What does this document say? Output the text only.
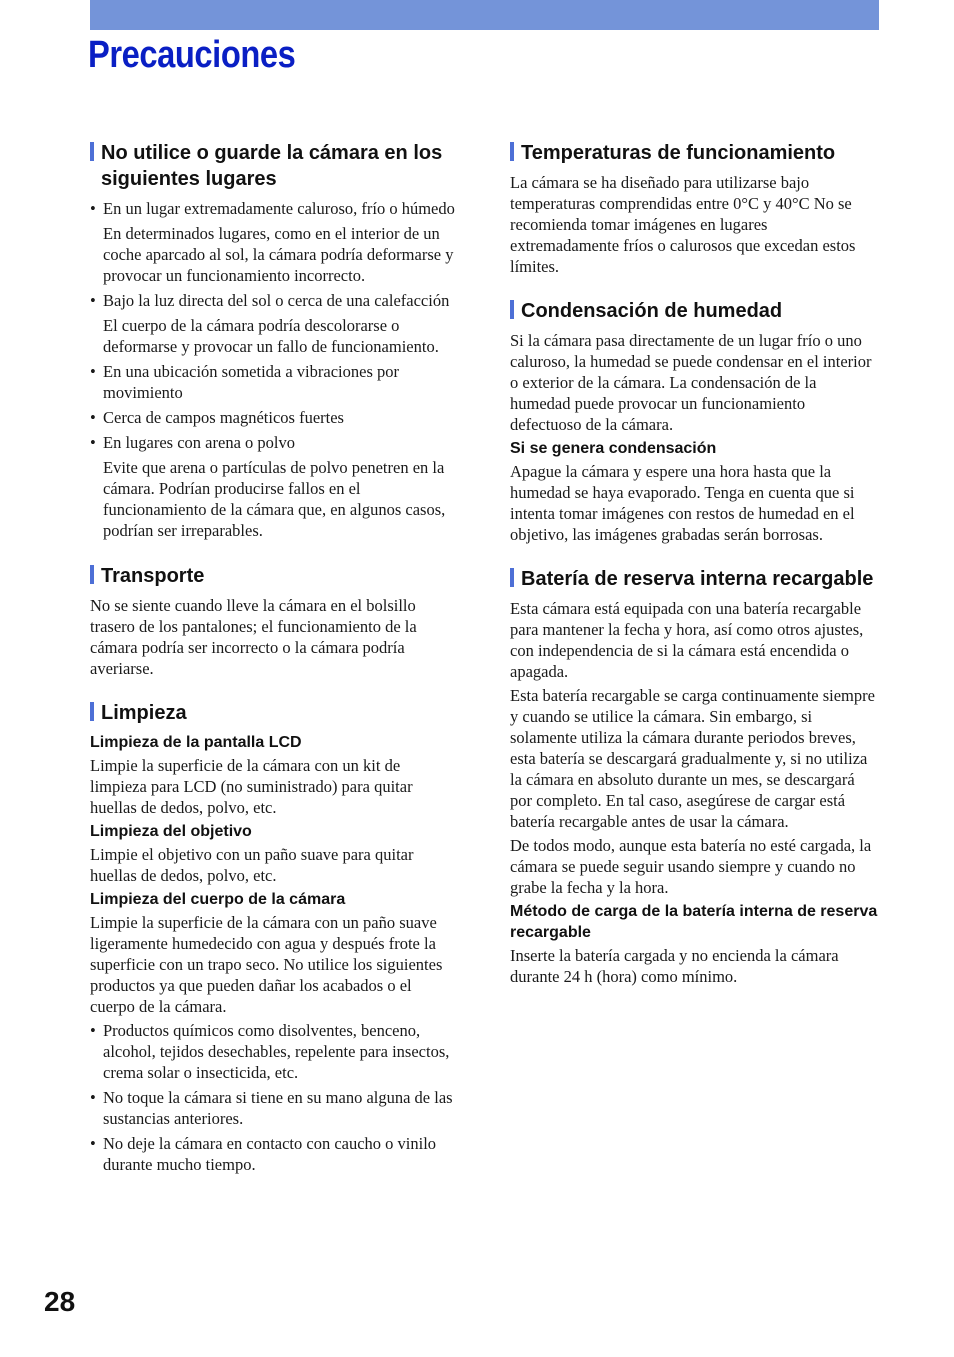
Precauciones
No utilice o guarde la cámara en los siguientes lugares
• En un lugar extremadamente caluroso, frío o húmedo
En determinados lugares, como en el interior de un coche aparcado al sol, la cámara podría deformarse y provocar un funcionamiento incorrecto.
• Bajo la luz directa del sol o cerca de una calefacción
El cuerpo de la cámara podría descolorarse o deformarse y provocar un fallo de funcionamiento.
• En una ubicación sometida a vibraciones por movimiento
• Cerca de campos magnéticos fuertes
• En lugares con arena o polvo
Evite que arena o partículas de polvo penetren en la cámara. Podrían producirse fallos en el funcionamiento de la cámara que, en algunos casos, podrían ser irreparables.
Transporte

No se siente cuando lleve la cámara en el bolsillo trasero de los pantalones; el funcionamiento de la cámara podría ser incorrecto o la cámara podría averiarse.

Limpieza
Limpieza de la pantalla LCD

Limpie la superficie de la cámara con un kit de limpieza para LCD (no suministrado) para quitar huellas de dedos, polvo, etc.

Limpieza del objetivo

Limpie el objetivo con un paño suave para quitar huellas de dedos, polvo, etc.

Limpieza del cuerpo de la cámara

Limpie la superficie de la cámara con un paño suave ligeramente humedecido con agua y después frote la superficie con un trapo seco. No utilice los siguientes productos ya que pueden dañar los acabados o el cuerpo de la cámara.

• Productos químicos como disolventes, benceno, alcohol, tejidos desechables, repelente para insectos, crema solar o insecticida, etc.
• No toque la cámara si tiene en su mano alguna de las sustancias anteriores.
• No deje la cámara en contacto con caucho o vinilo durante mucho tiempo.
Temperaturas de funcionamiento

La cámara se ha diseñado para utilizarse bajo temperaturas comprendidas entre 0°C y 40°C No se recomienda tomar imágenes en lugares extremadamente fríos o calurosos que excedan estos límites.

Condensación de humedad

Si la cámara pasa directamente de un lugar frío o uno caluroso, la humedad se puede condensar en el interior o exterior de la cámara. La condensación de la humedad puede provocar un funcionamiento defectuoso de la cámara.

Si se genera condensación

Apague la cámara y espere una hora hasta que la humedad se haya evaporado. Tenga en cuenta que si intenta tomar imágenes con restos de humedad en el objetivo, las imágenes grabadas serán borrosas.

Batería de reserva interna recargable

Esta cámara está equipada con una batería recargable para mantener la fecha y hora, así como otros ajustes, con independencia de si la cámara está encendida o apagada.

Esta batería recargable se carga continuamente siempre y cuando se utilice la cámara. Sin embargo, si solamente utiliza la cámara durante periodos breves, esta batería se descargará gradualmente y, si no utiliza la cámara en absoluto durante un mes, se descargará por completo. En tal caso, asegúrese de cargar está batería recargable antes de usar la cámara.

De todos modo, aunque esta batería no esté cargada, la cámara se puede seguir usando siempre y cuando no grabe la fecha y la hora.

Método de carga de la batería interna de reserva recargable

Inserte la batería cargada y no encienda la cámara durante 24 h (hora) como mínimo.

28
